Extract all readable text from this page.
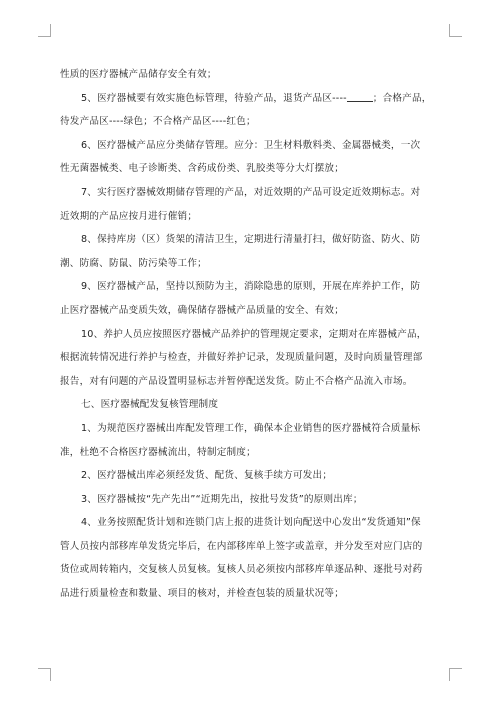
性质的医疗器械产品储存安全有效；
5、医疗器械要有效实施色标管理，待验产品，退货产品区----	；合格产品，
待发产品区----绿色；不合格产品区----红色；
6、医疗器械产品应分类储存管理。应分：卫生材料敷料类、金属器械类，一次
性无菌器械类、电子诊断类、含药成份类、乳胶类等分大灯摆放；
7、实行医疗器械效期储存管理的产品，对近效期的产品可设定近效期标志。对
近效期的产品应按月进行催销；
8、保持库房（区）货架的清洁卫生，定期进行清量打扫，做好防盗、防火、防
潮、防腐、防鼠、防污染等工作；
9、医疗器械产品，坚持以预防为主，消除隐患的原则，开展在库养护工作，防
止医疗器械产品变质失效，确保储存器械产品质量的安全、有效；
10、养护人员应按照医疗器械产品养护的管理规定要求，定期对在库器械产品，
根据流转情况进行养护与检查，并做好养护记录，发现质量问题，及时向质量管理部
报告，对有问题的产品设置明显标志并暂停配送发货。防止不合格产品流入市场。
七、医疗器械配发复核管理制度
1、为规范医疗器械出库配发管理工作，确保本企业销售的医疗器械符合质量标
准，杜绝不合格医疗器械流出，特制定制度；
2、医疗器械出库必须经发货、配货、复核手续方可发出；
3、医疗器械按“先产先出”“近期先出，按批号发货”的原则出库；
4、业务按照配货计划和连锁门店上报的进货计划向配送中心发出“发货通知”保
管人员按内部移库单发货完毕后，在内部移库单上签字或盖章，并分发至对应门店的
货位或周转箱内，交复核人员复核。复核人员必须按内部移库单逐品种、逐批号对药
品进行质量检查和数量、项目的核对，并检查包装的质量状况等；
